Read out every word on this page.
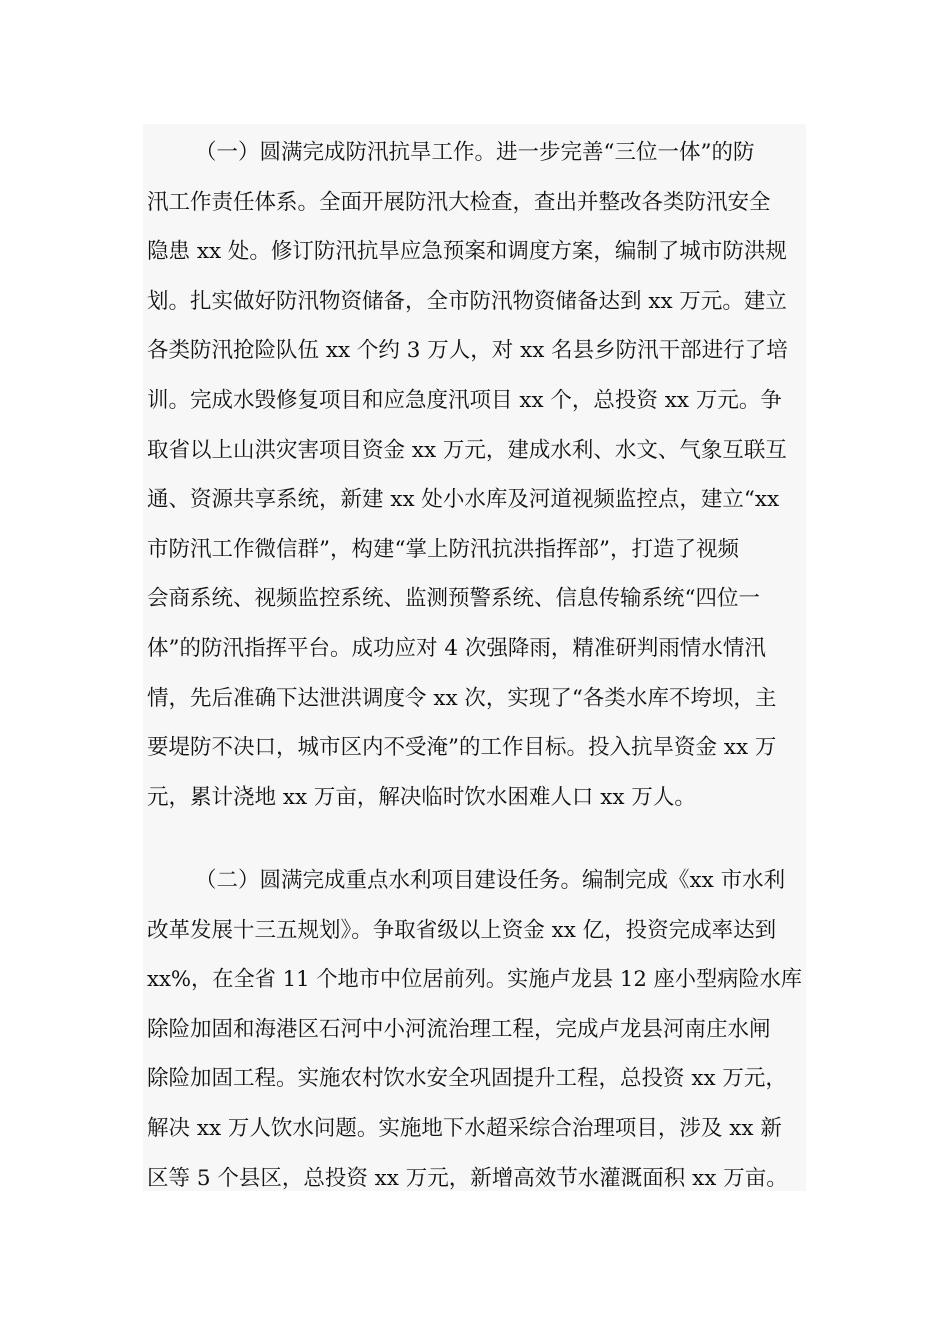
（一）圆满完成防汛抗旱工作。进一步完善“三位一体”的防
汛工作责任体系。全面开展防汛大检查，查出并整改各类防汛安全
隐患 xx 处。修订防汛抗旱应急预案和调度方案，编制了城市防洪规
划。扎实做好防汛物资储备，全市防汛物资储备达到 xx 万元。建立
各类防汛抢险队伍 xx 个约 3 万人，对 xx 名县乡防汛干部进行了培
训。完成水毁修复项目和应急度汛项目 xx 个，总投资 xx 万元。争
取省以上山洪灾害项目资金 xx 万元，建成水利、水文、气象互联互
通、资源共享系统，新建 xx 处小水库及河道视频监控点，建立“xx
市防汛工作微信群”，构建“掌上防汛抗洪指挥部”，打造了视频
会商系统、视频监控系统、监测预警系统、信息传输系统“四位一
体”的防汛指挥平台。成功应对 4 次强降雨，精准研判雨情水情汛
情，先后准确下达泄洪调度令 xx 次，实现了“各类水库不垮坝，主
要堤防不决口，城市区内不受淹”的工作目标。投入抗旱资金 xx 万
元，累计浇地 xx 万亩，解决临时饮水困难人口 xx 万人。
（二）圆满完成重点水利项目建设任务。编制完成《xx 市水利
改革发展十三五规划》。争取省级以上资金 xx 亿，投资完成率达到
xx%，在全省 11 个地市中位居前列。实施卢龙县 12 座小型病险水库
除险加固和海港区石河中小河流治理工程，完成卢龙县河南庄水闸
除险加固工程。实施农村饮水安全巩固提升工程，总投资 xx 万元，
解决 xx 万人饮水问题。实施地下水超采综合治理项目，涉及 xx 新
区等 5 个县区，总投资 xx 万元，新增高效节水灌溉面积 xx 万亩。
